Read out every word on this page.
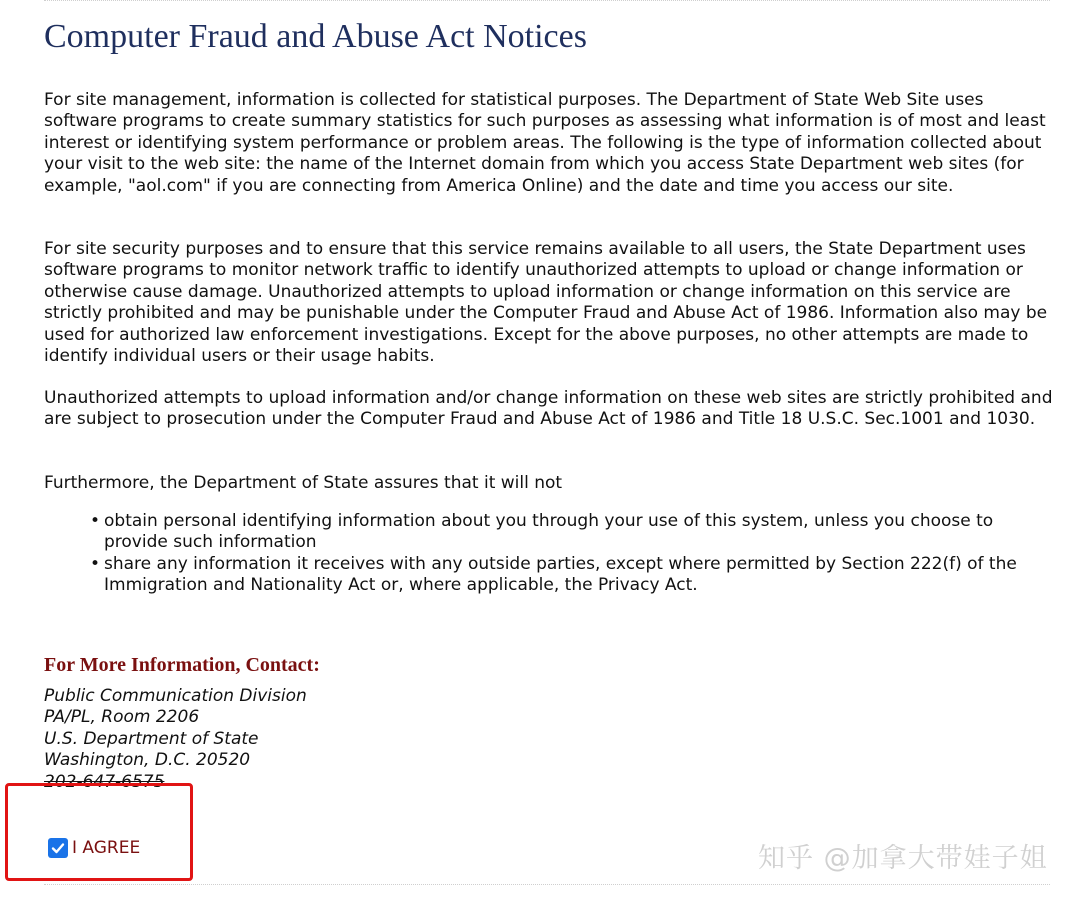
Computer Fraud and Abuse Act Notices

For site management, information is collected for statistical purposes. The Department of State Web Site uses software programs to create summary statistics for such purposes as assessing what information is of most and least interest or identifying system performance or problem areas. The following is the type of information collected about your visit to the web site: the name of the Internet domain from which you access State Department web sites (for example, "aol.com" if you are connecting from America Online) and the date and time you access our site.

For site security purposes and to ensure that this service remains available to all users, the State Department uses software programs to monitor network traffic to identify unauthorized attempts to upload or change information or otherwise cause damage. Unauthorized attempts to upload information or change information on this service are strictly prohibited and may be punishable under the Computer Fraud and Abuse Act of 1986. Information also may be used for authorized law enforcement investigations. Except for the above purposes, no other attempts are made to identify individual users or their usage habits.

Unauthorized attempts to upload information and/or change information on these web sites are strictly prohibited and are subject to prosecution under the Computer Fraud and Abuse Act of 1986 and Title 18 U.S.C. Sec.1001 and 1030.

Furthermore, the Department of State assures that it will not

• obtain personal identifying information about you through your use of this system, unless you choose to provide such information
• share any information it receives with any outside parties, except where permitted by Section 222(f) of the Immigration and Nationality Act or, where applicable, the Privacy Act.
For More Information, Contact:
Public Communication Division
PA/PL, Room 2206
U.S. Department of State
Washington, D.C. 20520
202-647-6575
I AGREE	知乎 @加拿大带娃子姐
